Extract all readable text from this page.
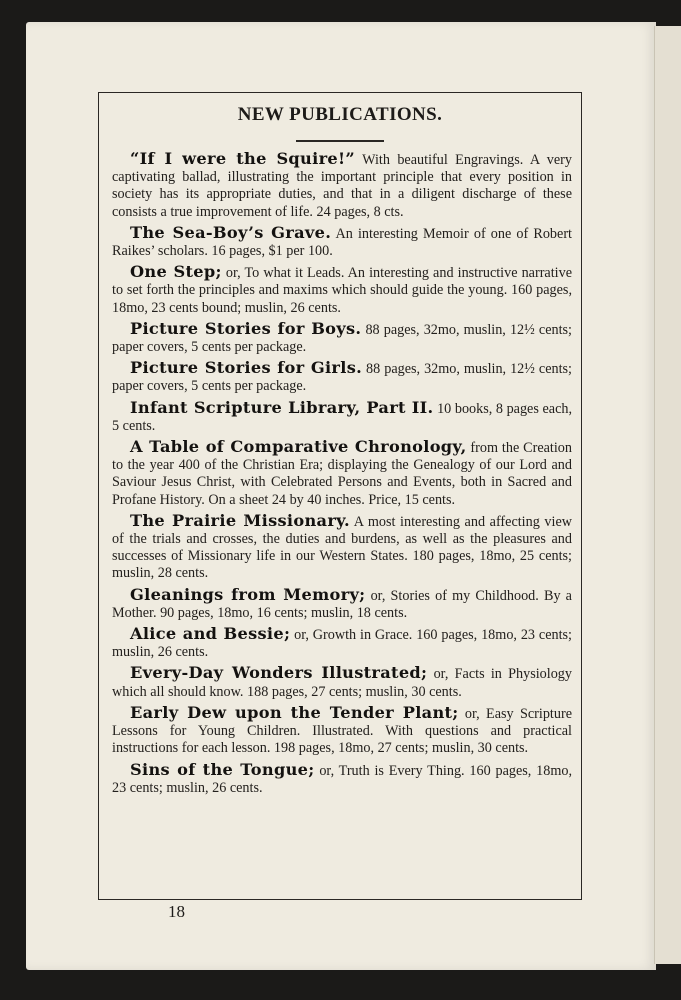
NEW PUBLICATIONS.

“If I were the Squire!” With beautiful Engravings. A very captivating ballad, illustrating the important principle that every position in society has its appropriate duties, and that in a diligent discharge of these consists a true improvement of life. 24 pages, 8 cts.

The Sea-Boy’s Grave. An interesting Memoir of one of Robert Raikes’ scholars. 16 pages, $1 per 100.

One Step; or, To what it Leads. An interesting and instructive narrative to set forth the principles and maxims which should guide the young. 160 pages, 18mo, 23 cents bound; muslin, 26 cents.

Picture Stories for Boys. 88 pages, 32mo, muslin, 12½ cents; paper covers, 5 cents per package.

Picture Stories for Girls. 88 pages, 32mo, muslin, 12½ cents; paper covers, 5 cents per package.

Infant Scripture Library, Part II. 10 books, 8 pages each, 5 cents.

A Table of Comparative Chronology, from the Creation to the year 400 of the Christian Era; displaying the Genealogy of our Lord and Saviour Jesus Christ, with Celebrated Persons and Events, both in Sacred and Profane History. On a sheet 24 by 40 inches. Price, 15 cents.

The Prairie Missionary. A most interesting and affecting view of the trials and crosses, the duties and burdens, as well as the pleasures and successes of Missionary life in our Western States. 180 pages, 18mo, 25 cents; muslin, 28 cents.

Gleanings from Memory; or, Stories of my Childhood. By a Mother. 90 pages, 18mo, 16 cents; muslin, 18 cents.

Alice and Bessie; or, Growth in Grace. 160 pages, 18mo, 23 cents; muslin, 26 cents.

Every-Day Wonders Illustrated; or, Facts in Physiology which all should know. 188 pages, 27 cents; muslin, 30 cents.

Early Dew upon the Tender Plant; or, Easy Scripture Lessons for Young Children. Illustrated. With questions and practical instructions for each lesson. 198 pages, 18mo, 27 cents; muslin, 30 cents.

Sins of the Tongue; or, Truth is Every Thing. 160 pages, 18mo, 23 cents; muslin, 26 cents.

18
